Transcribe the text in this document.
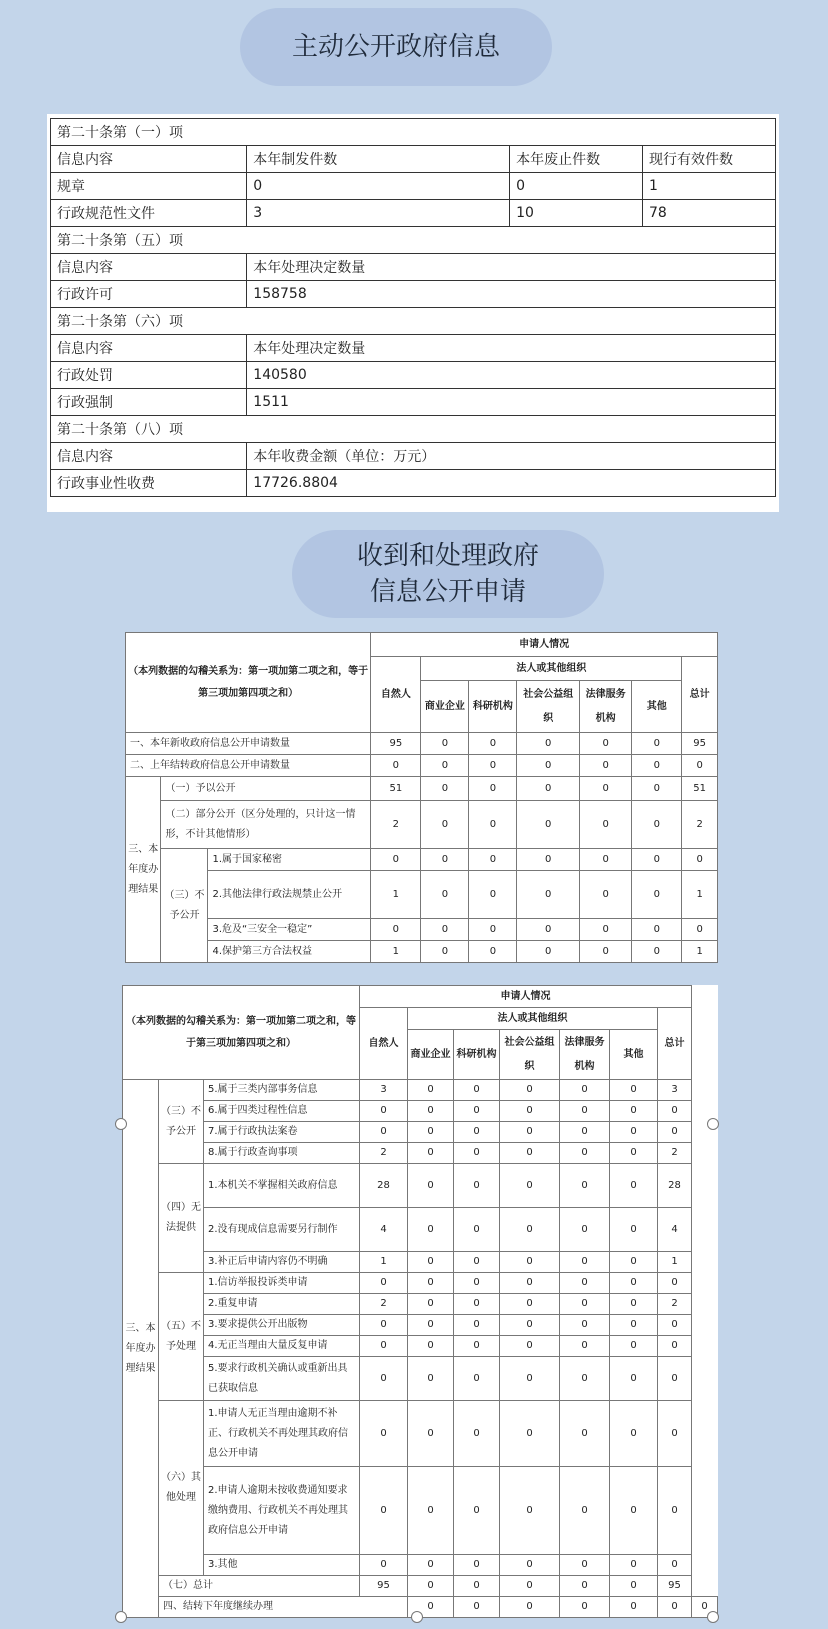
主动公开政府信息
第二十条第（一）项			
信息内容	本年制发件数	本年废止件数	现行有效件数
规章	0	0	1
行政规范性文件	3	10	78
第二十条第（五）项			
信息内容	本年处理决定数量		
行政许可	158758		
第二十条第（六）项			
信息内容	本年处理决定数量		
行政处罚	140580		
行政强制	1511		
第二十条第（八）项			
信息内容	本年收费金额（单位：万元）		
行政事业性收费	17726.8804		
收到和处理政府
信息公开申请
（本列数据的勾稽关系为：第一项加第二项之和，等于第三项加第四项之和）			申请人情况						
			自然人	法人或其他组织					总计
				商业企业	科研机构	社会公益组织	法律服务机构	其他	
一、本年新收政府信息公开申请数量			95	0	0	0	0	0	95
二、上年结转政府信息公开申请数量			0	0	0	0	0	0	0
三、本年度办理结果	（一）予以公开		51	0	0	0	0	0	51
	（二）部分公开（区分处理的，只计这一情形，不计其他情形）		2	0	0	0	0	0	2
	（三）不予公开	1.属于国家秘密	0	0	0	0	0	0	0
		2.其他法律行政法规禁止公开	1	0	0	0	0	0	1
		3.危及“三安全一稳定”	0	0	0	0	0	0	0
		4.保护第三方合法权益	1	0	0	0	0	0	1
（本列数据的勾稽关系为：第一项加第二项之和，等于第三项加第四项之和）			申请人情况							
			自然人	法人或其他组织					总计	
				商业企业	科研机构	社会公益组织	法律服务机构	其他		
三、本年度办理结果	（三）不予公开	5.属于三类内部事务信息	3	0	0	0	0	0	3	
		6.属于四类过程性信息	0	0	0	0	0	0	0	
		7.属于行政执法案卷	0	0	0	0	0	0	0	
		8.属于行政查询事项	2	0	0	0	0	0	2	
	（四）无法提供	1.本机关不掌握相关政府信息	28	0	0	0	0	0	28	
		2.没有现成信息需要另行制作	4	0	0	0	0	0	4	
		3.补正后申请内容仍不明确	1	0	0	0	0	0	1	
	（五）不予处理	1.信访举报投诉类申请	0	0	0	0	0	0	0	
		2.重复申请	2	0	0	0	0	0	2	
		3.要求提供公开出版物	0	0	0	0	0	0	0	
		4.无正当理由大量反复申请	0	0	0	0	0	0	0	
		5.要求行政机关确认或重新出具已获取信息	0	0	0	0	0	0	0	
	（六）其他处理	1.申请人无正当理由逾期不补正、行政机关不再处理其政府信息公开申请	0	0	0	0	0	0	0	
		2.申请人逾期未按收费通知要求缴纳费用、行政机关不再处理其政府信息公开申请	0	0	0	0	0	0	0	
		3.其他	0	0	0	0	0	0	0	
	（七）总计		95	0	0	0	0	0	95	
	四、结转下年度继续办理			0	0	0	0	0	0	0
